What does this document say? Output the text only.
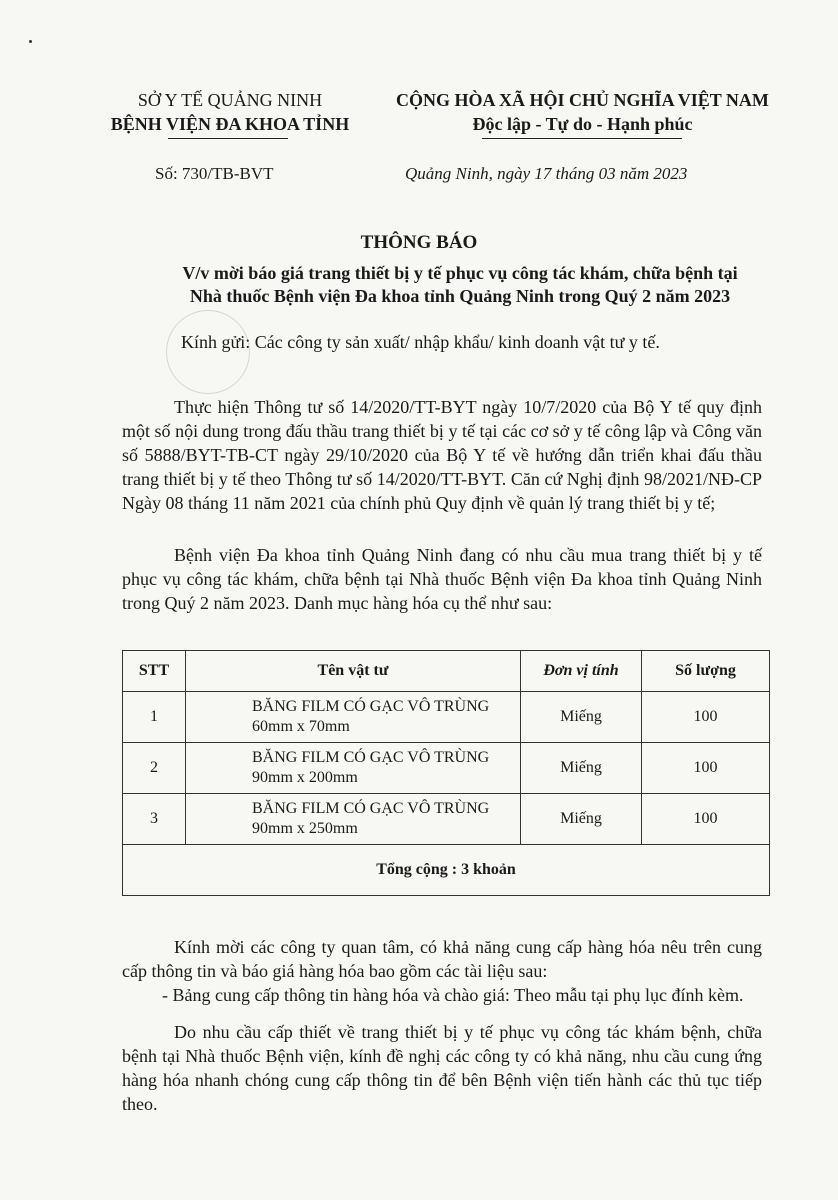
SỞ Y TẾ QUẢNG NINH
BỆNH VIỆN ĐA KHOA TỈNH
CỘNG HÒA XÃ HỘI CHỦ NGHĨA VIỆT NAM
Độc lập - Tự do - Hạnh phúc
Số: 730/TB-BVT	Quảng Ninh, ngày 17 tháng 03 năm 2023
THÔNG BÁO
V/v mời báo giá trang thiết bị y tế phục vụ công tác khám, chữa bệnh tại
Nhà thuốc Bệnh viện Đa khoa tỉnh Quảng Ninh trong Quý 2 năm 2023
Kính gửi: Các công ty sản xuất/ nhập khẩu/ kinh doanh vật tư y tế.
Thực hiện Thông tư số 14/2020/TT-BYT ngày 10/7/2020 của Bộ Y tế quy định một số nội dung trong đấu thầu trang thiết bị y tế tại các cơ sở y tế công lập và Công văn số 5888/BYT-TB-CT ngày 29/10/2020 của Bộ Y tế về hướng dẫn triển khai đấu thầu trang thiết bị y tế theo Thông tư số 14/2020/TT-BYT. Căn cứ Nghị định 98/2021/NĐ-CP Ngày 08 tháng 11 năm 2021 của chính phủ Quy định về quản lý trang thiết bị y tế;
Bệnh viện Đa khoa tỉnh Quảng Ninh đang có nhu cầu mua trang thiết bị y tế phục vụ công tác khám, chữa bệnh tại Nhà thuốc Bệnh viện Đa khoa tỉnh Quảng Ninh trong Quý 2 năm 2023. Danh mục hàng hóa cụ thể như sau:
STT	Tên vật tư	Đơn vị tính	Số lượng
1	BĂNG FILM CÓ GẠC VÔ TRÙNG 60mm x 70mm	Miếng	100
2	BĂNG FILM CÓ GẠC VÔ TRÙNG 90mm x 200mm	Miếng	100
3	BĂNG FILM CÓ GẠC VÔ TRÙNG 90mm x 250mm	Miếng	100
Tổng cộng : 3 khoản			
Kính mời các công ty quan tâm, có khả năng cung cấp hàng hóa nêu trên cung cấp thông tin và báo giá hàng hóa bao gồm các tài liệu sau:
- Bảng cung cấp thông tin hàng hóa và chào giá: Theo mẫu tại phụ lục đính kèm.
Do nhu cầu cấp thiết về trang thiết bị y tế phục vụ công tác khám bệnh, chữa bệnh tại Nhà thuốc Bệnh viện, kính đề nghị các công ty có khả năng, nhu cầu cung ứng hàng hóa nhanh chóng cung cấp thông tin để bên Bệnh viện tiến hành các thủ tục tiếp theo.
